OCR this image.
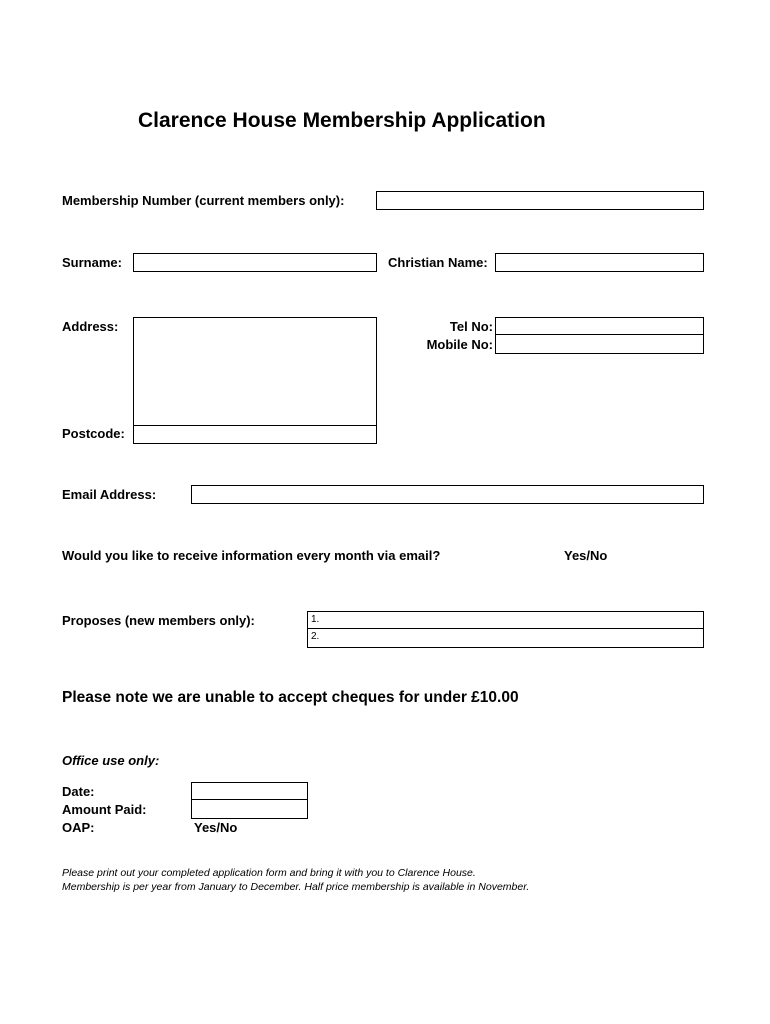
Clarence House Membership Application
Membership Number (current members only):
Surname:	Christian Name:
Address:	Tel No:
Mobile No:
Postcode:
Email Address:
Would you like to receive information every month via email?	Yes/No
Proposes (new members only):	1.
2.
Please note we are unable to accept cheques for under £10.00
Office use only:
Date:
Amount Paid:
OAP:	Yes/No
Please print out your completed application form and bring it with you to Clarence House.
Membership is per year from January to December. Half price membership is available in November.
